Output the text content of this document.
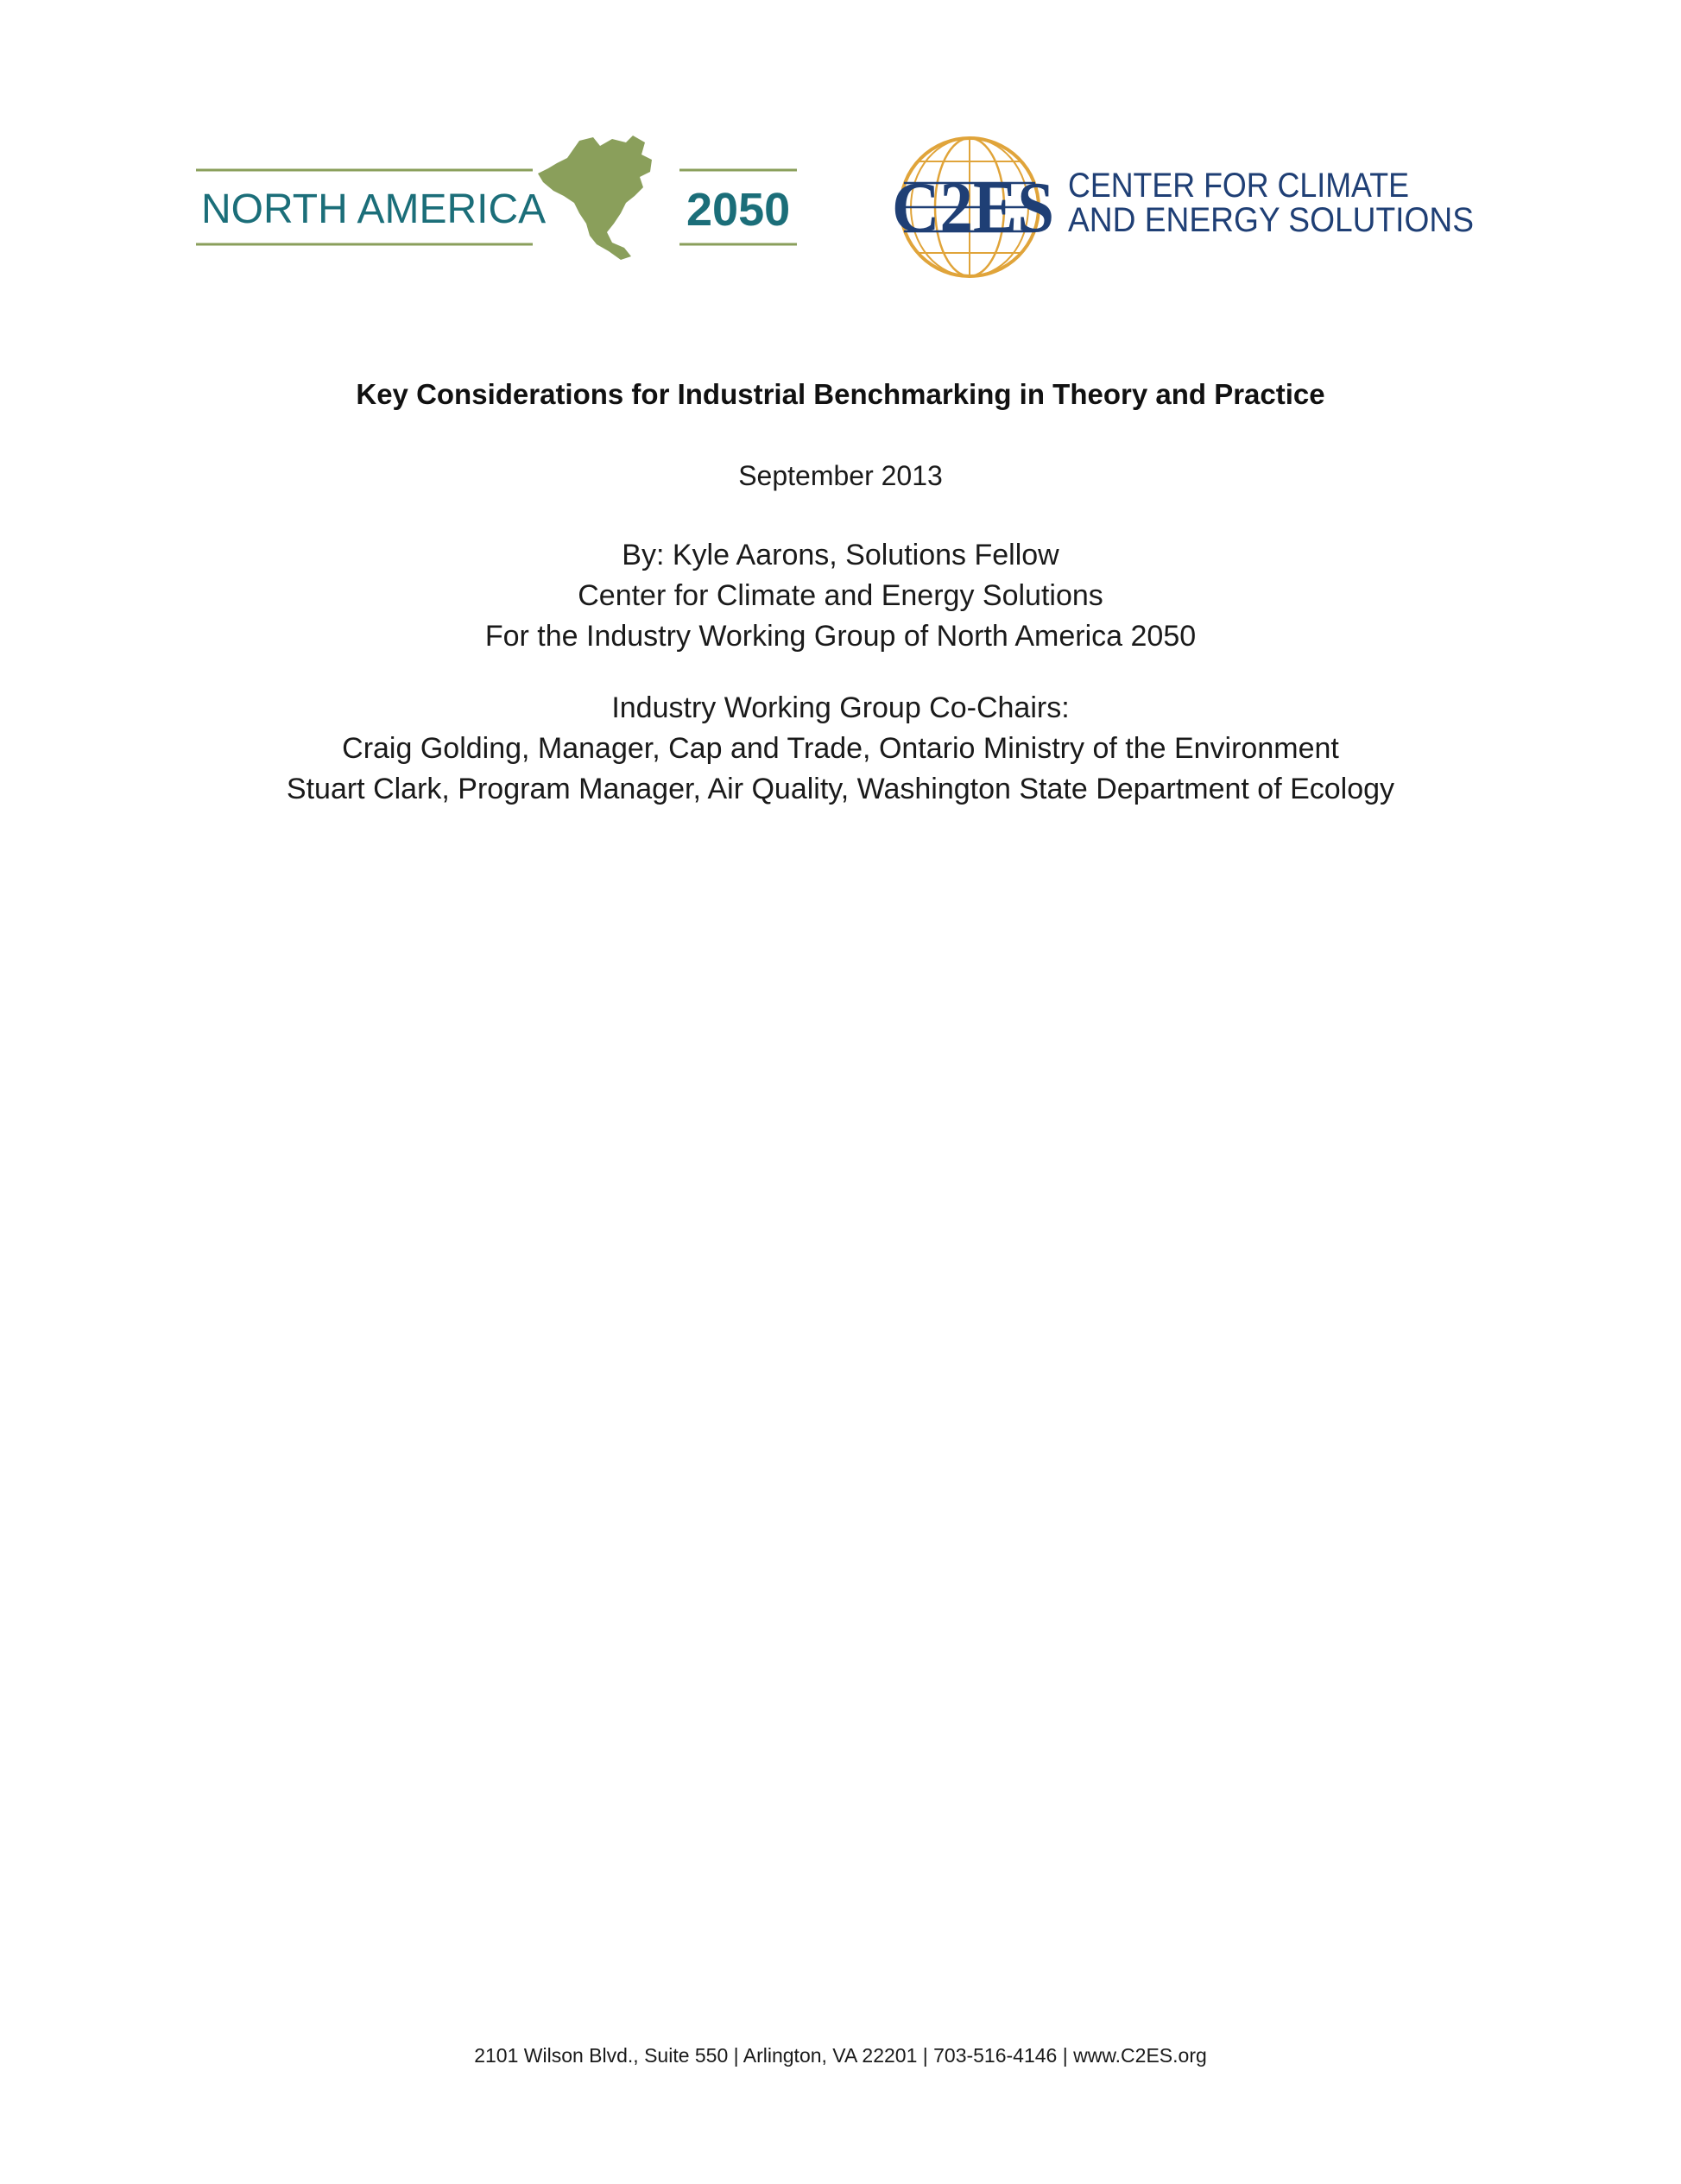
NORTH AMERICA	2050 C2ES CENTER FOR CLIMATE
AND ENERGY SOLUTIONS
Key Considerations for Industrial Benchmarking in Theory and Practice
September 2013
By: Kyle Aarons, Solutions Fellow
Center for Climate and Energy Solutions
For the Industry Working Group of North America 2050
Industry Working Group Co-Chairs:
Craig Golding, Manager, Cap and Trade, Ontario Ministry of the Environment
Stuart Clark, Program Manager, Air Quality, Washington State Department of Ecology
2101 Wilson Blvd., Suite 550 | Arlington, VA 22201 | 703-516-4146 | www.C2ES.org
